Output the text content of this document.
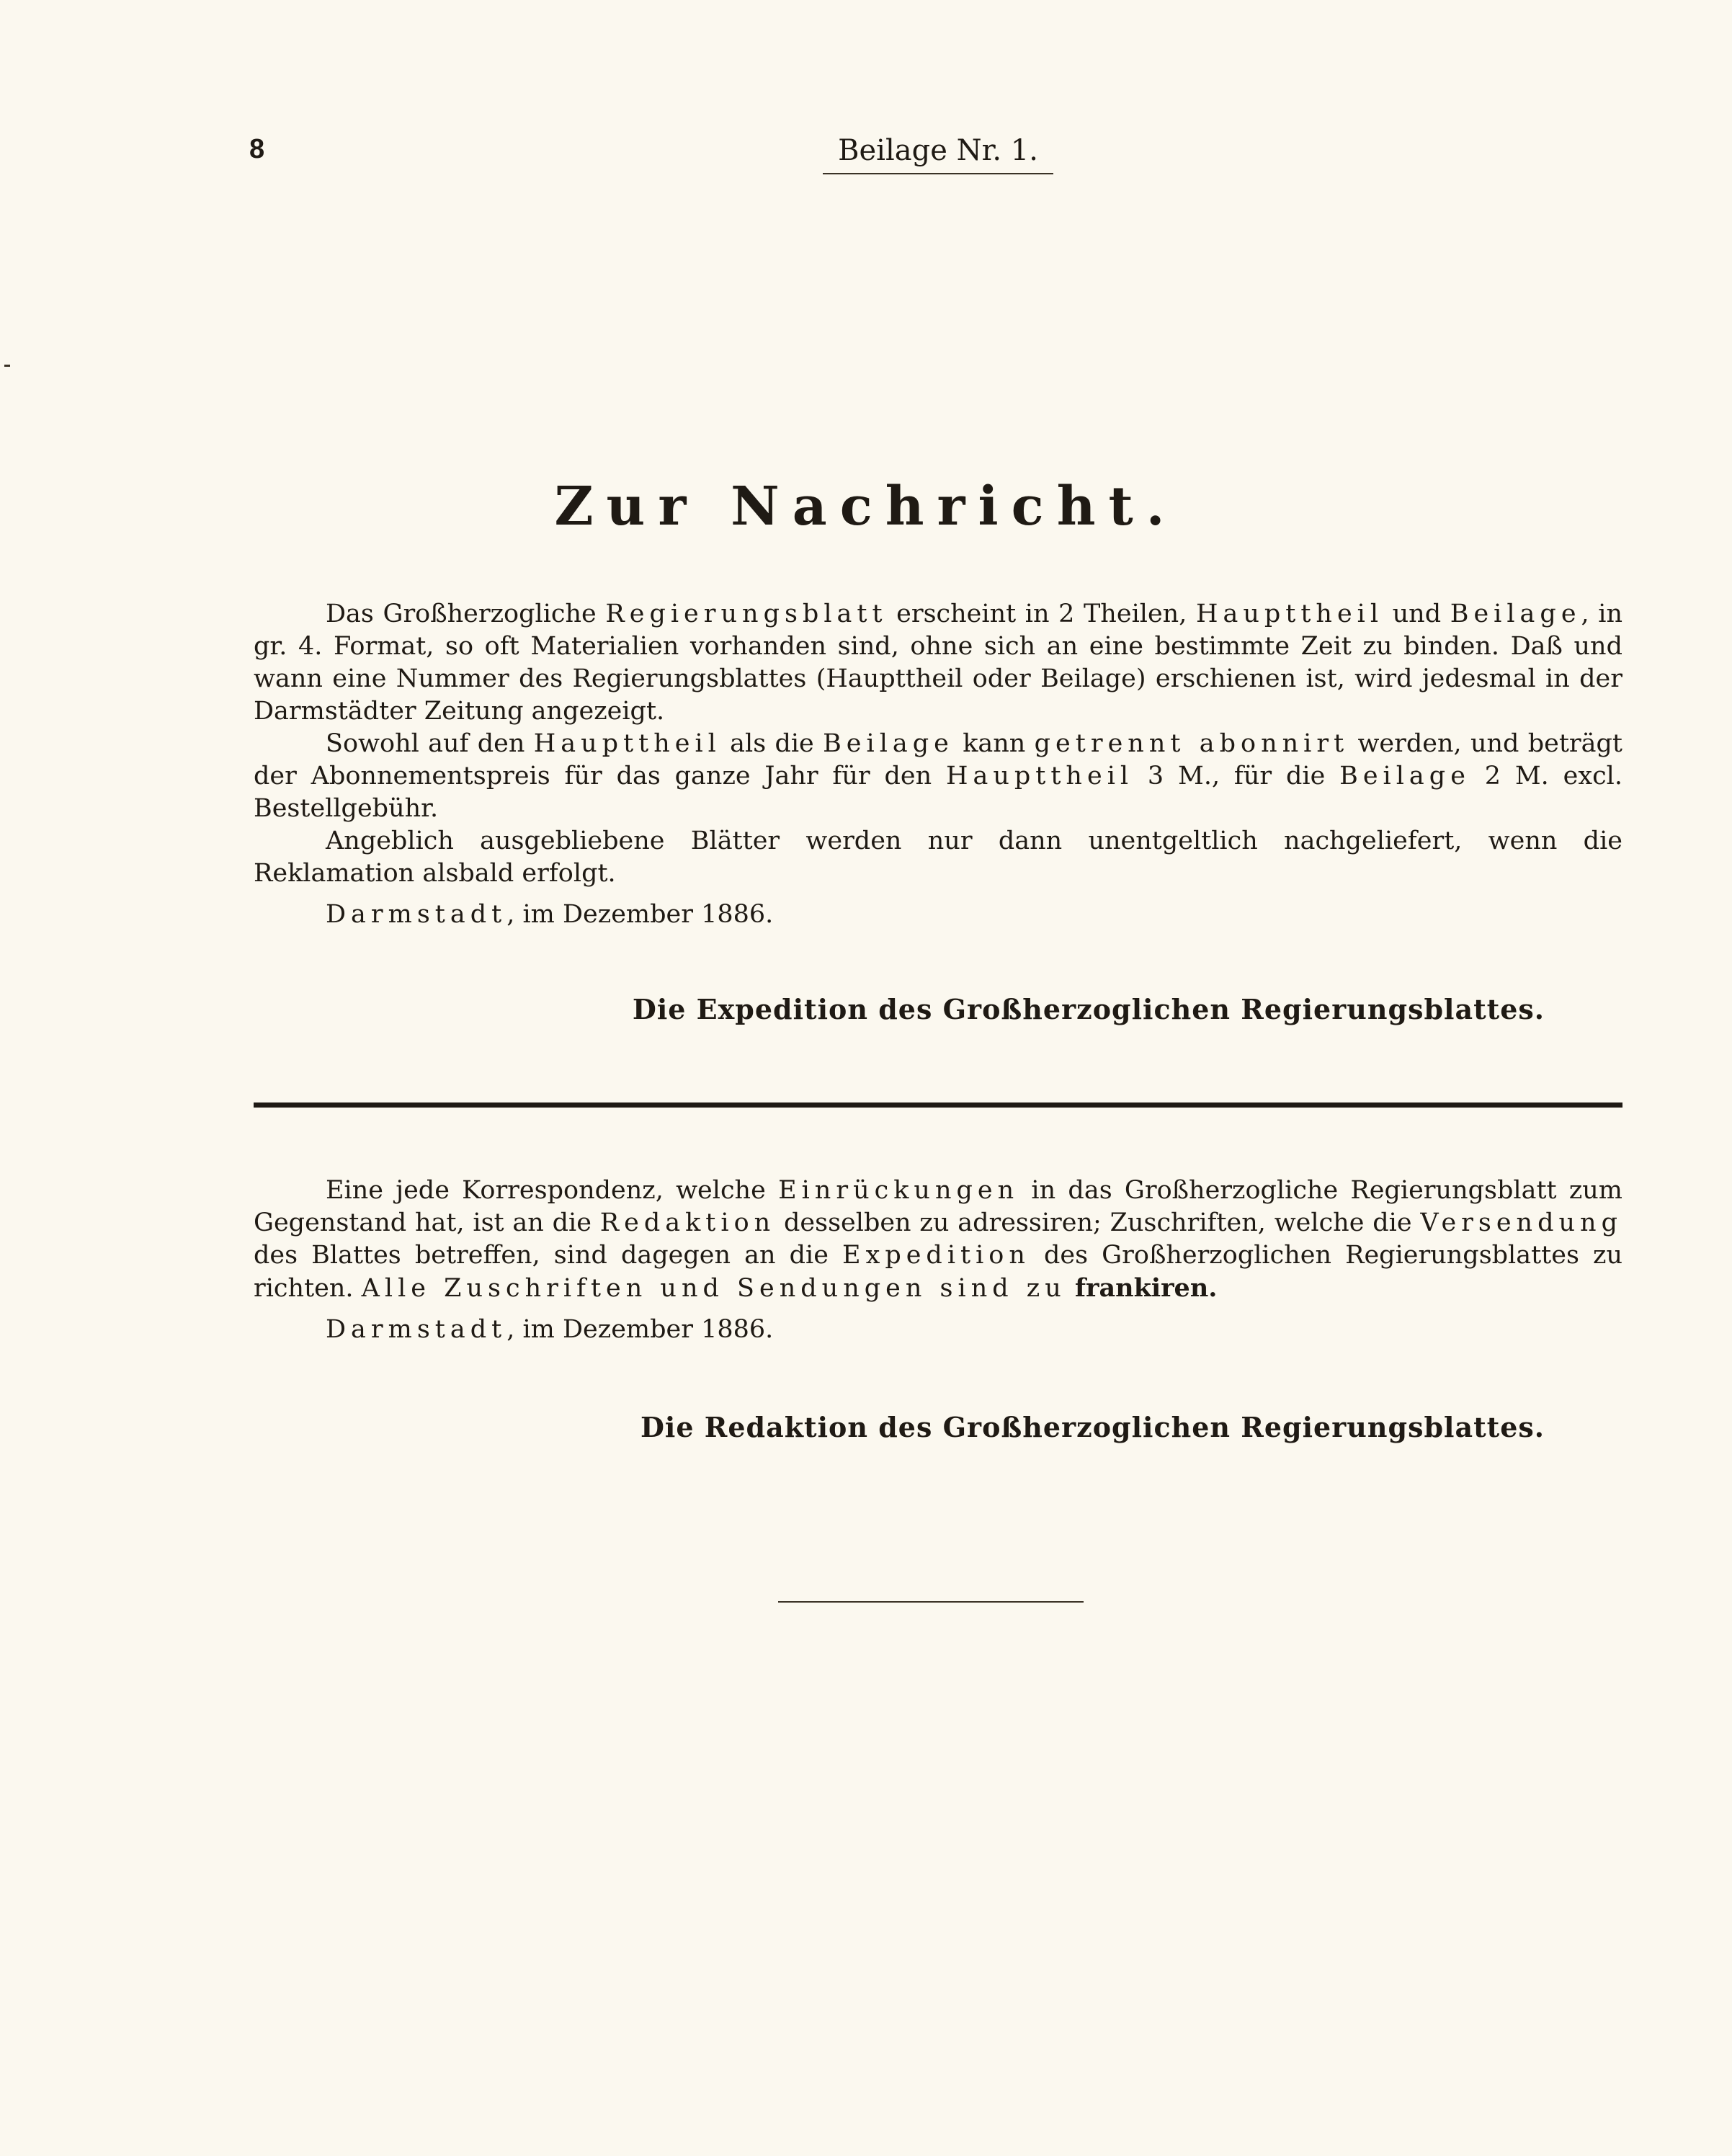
8	Beilage Nr. 1.
Zur Nachricht.

Das Großherzogliche Regierungsblatt erscheint in 2 Theilen, Haupttheil und Beilage, in gr. 4. Format, so oft Materialien vorhanden sind, ohne sich an eine bestimmte Zeit zu binden. Daß und wann eine Nummer des Regierungsblattes (Haupttheil oder Beilage) erschienen ist, wird jedesmal in der Darmstädter Zeitung angezeigt.

Sowohl auf den Haupttheil als die Beilage kann getrennt abonnirt werden, und beträgt der Abonnementspreis für das ganze Jahr für den Haupttheil 3 M., für die Beilage 2 M. excl. Bestellgebühr.

Angeblich ausgebliebene Blätter werden nur dann unentgeltlich nachgeliefert, wenn die Reklamation alsbald erfolgt.

Darmstadt, im Dezember 1886.

Die Expedition des Großherzoglichen Regierungsblattes.

Eine jede Korrespondenz, welche Einrückungen in das Großherzogliche Regierungsblatt zum Gegenstand hat, ist an die Redaktion desselben zu adressiren; Zuschriften, welche die Versendung des Blattes betreffen, sind dagegen an die Expedition des Großherzoglichen Regierungsblattes zu richten. Alle Zuschriften und Sendungen sind zu frankiren.

Darmstadt, im Dezember 1886.

Die Redaktion des Großherzoglichen Regierungsblattes.
